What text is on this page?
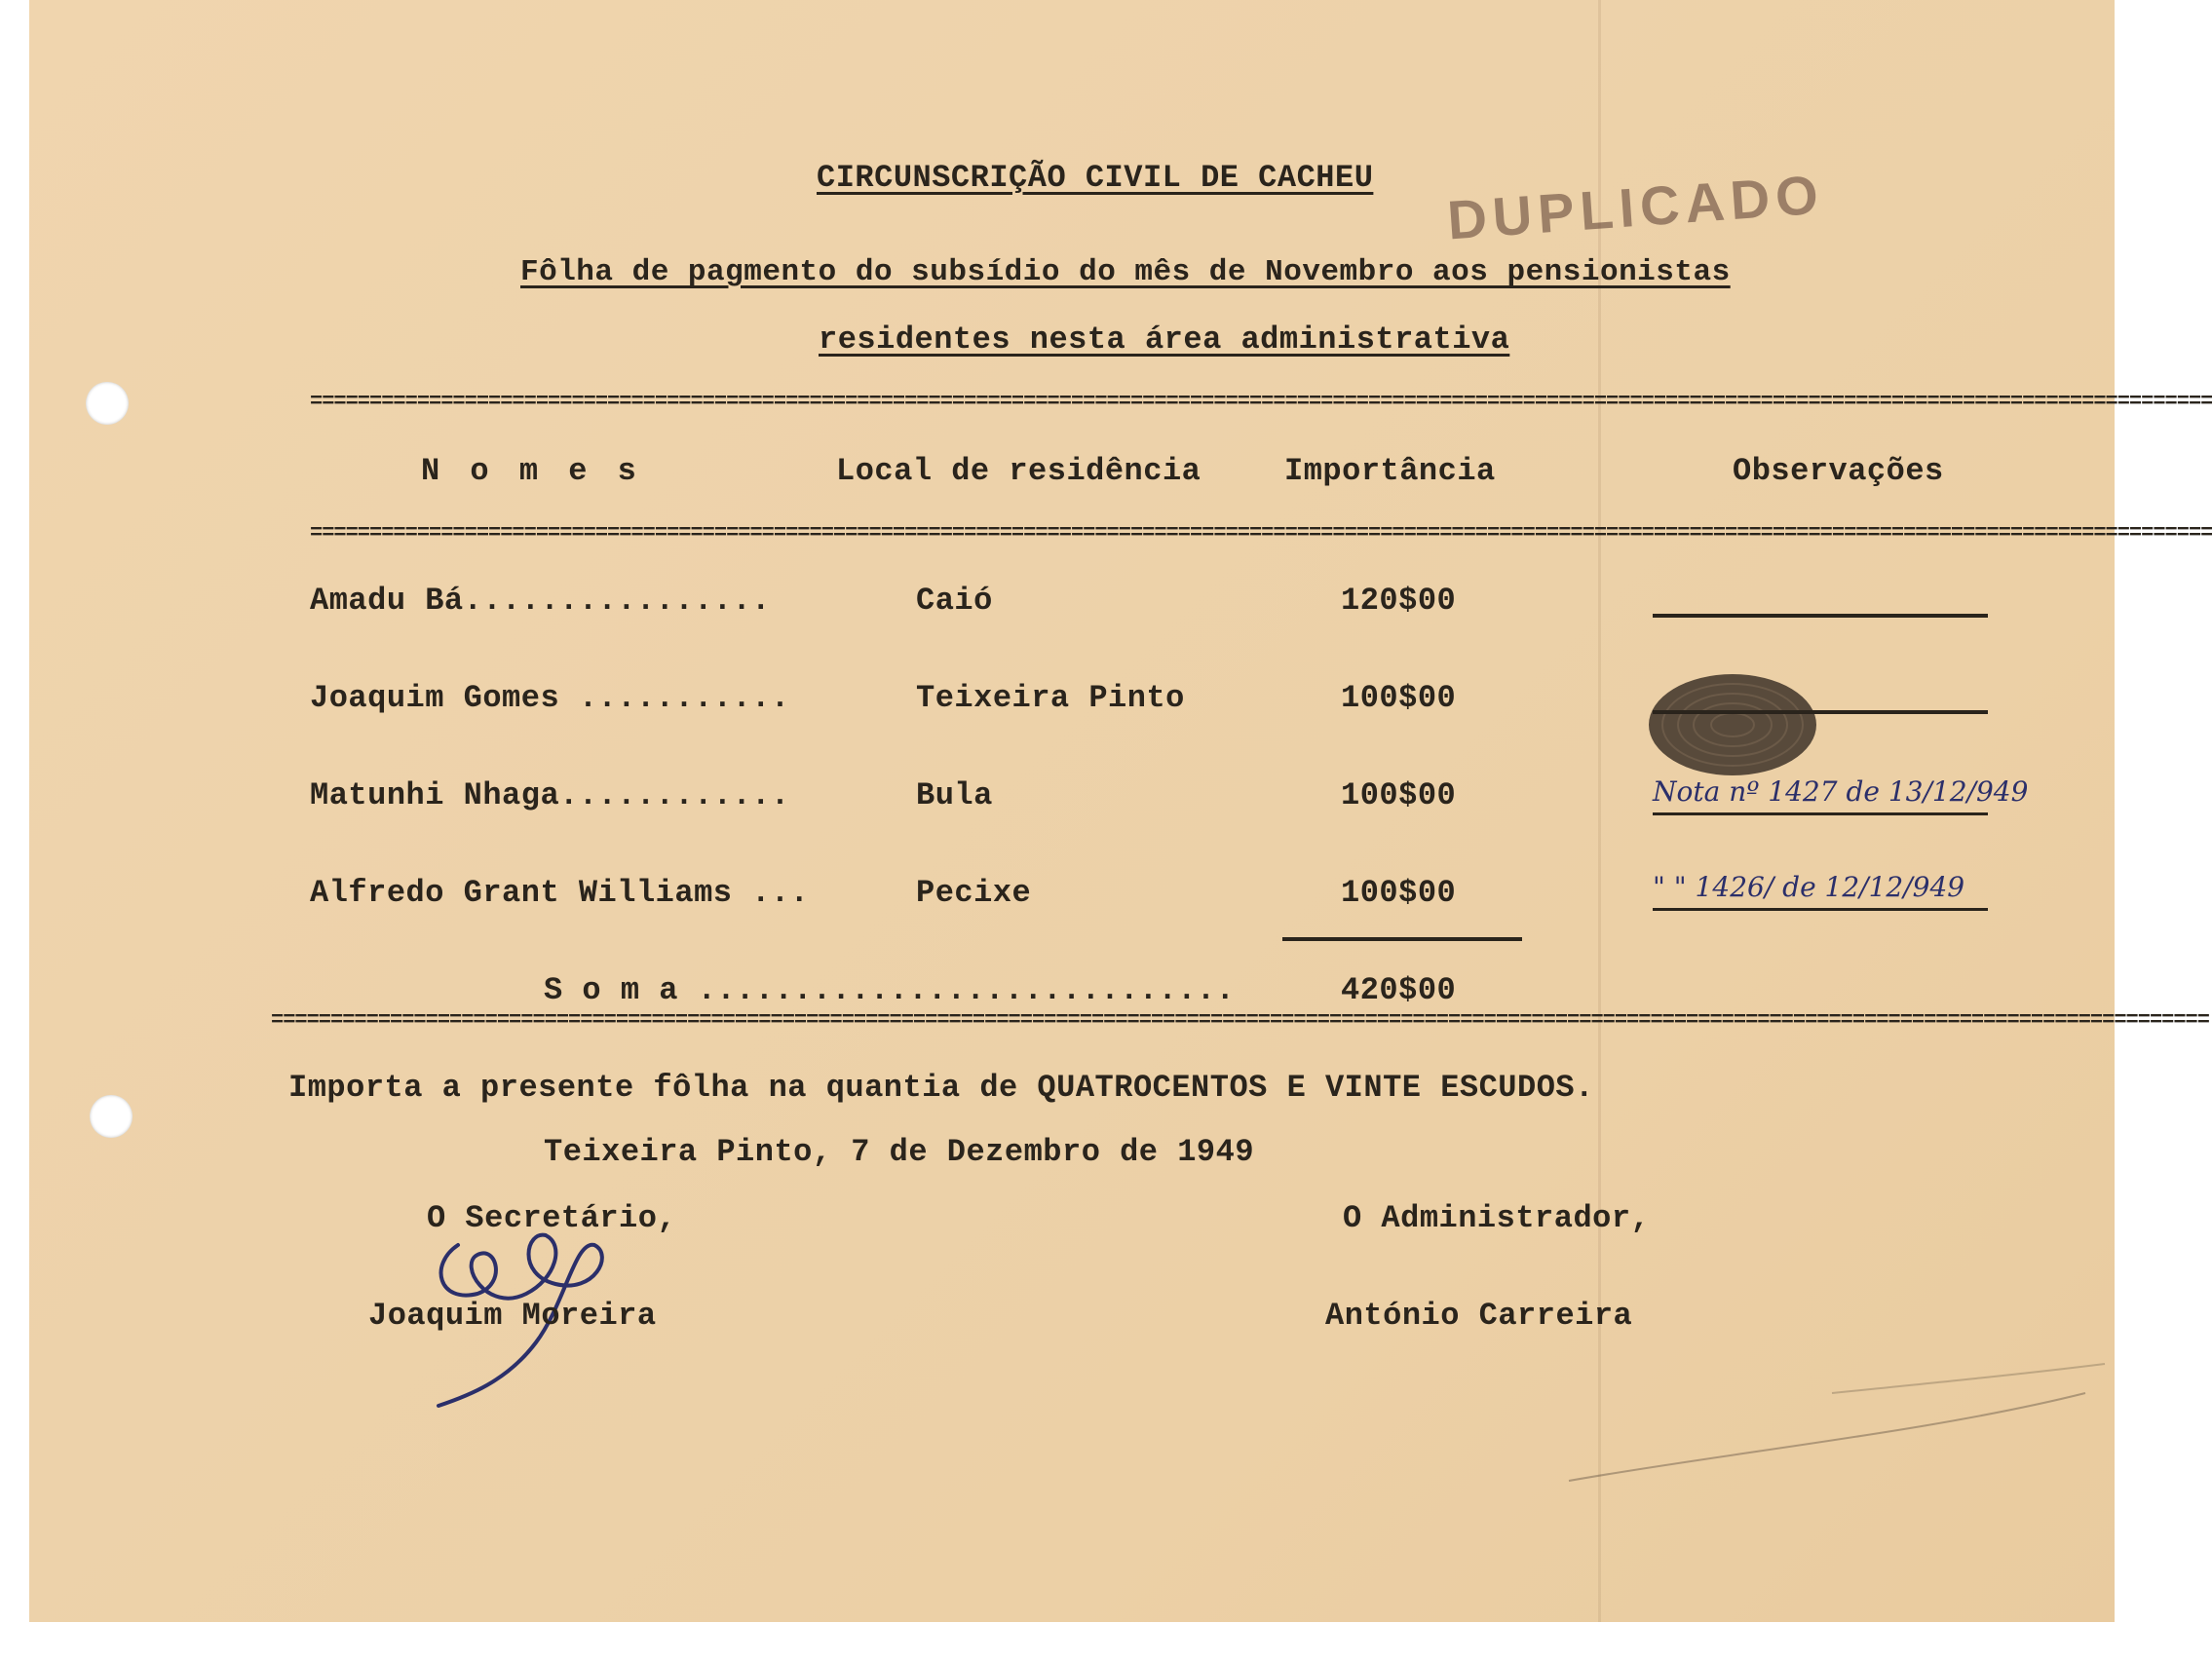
DUPLICADO
CIRCUNSCRIÇÃO CIVIL DE CACHEU
Fôlha de pagmento do subsídio do mês de Novembro aos pensionistas
residentes nesta área administrativa
================================================================================================================================================================
N o m e s	Local de residência	Importância	Observações
================================================================================================================================================================
Amadu Bá................	Caió	120$00
Joaquim Gomes ...........	Teixeira Pinto	100$00
Matunhi Nhaga............	Bula	100$00	Nota nº 1427 de 13/12/949
Alfredo Grant Williams ...	Pecixe	100$00	" " 1426/ de 12/12/949
S o m a ............................	420$00
===================================================================================================================================================================
Importa a presente fôlha na quantia de QUATROCENTOS E VINTE ESCUDOS.
Teixeira Pinto, 7 de Dezembro de 1949
O Secretário,	O Administrador,
Joaquim Moreira	António Carreira
